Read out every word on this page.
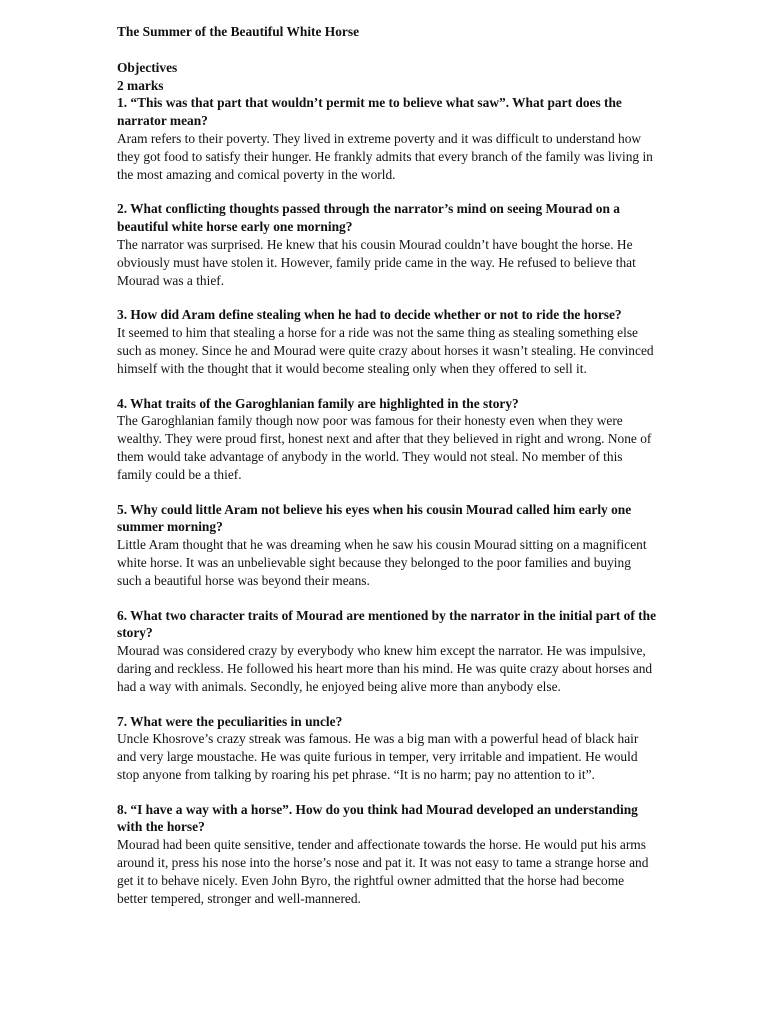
The Summer of the Beautiful White Horse

Objectives

2 marks

1. “This was that part that wouldn’t permit me to believe what saw”. What part does the narrator mean?

Aram refers to their poverty. They lived in extreme poverty and it was difficult to understand how they got food to satisfy their hunger. He frankly admits that every branch of the family was living in the most amazing and comical poverty in the world.

2. What conflicting thoughts passed through the narrator’s mind on seeing Mourad on a beautiful white horse early one morning?

The narrator was surprised. He knew that his cousin Mourad couldn’t have bought the horse. He obviously must have stolen it. However, family pride came in the way. He refused to believe that Mourad was a thief.

3. How did Aram define stealing when he had to decide whether or not to ride the horse?

It seemed to him that stealing a horse for a ride was not the same thing as stealing something else such as money. Since he and Mourad were quite crazy about horses it wasn’t stealing. He convinced himself with the thought that it would become stealing only when they offered to sell it.

4. What traits of the Garoghlanian family are highlighted in the story?

The Garoghlanian family though now poor was famous for their honesty even when they were wealthy. They were proud first, honest next and after that they believed in right and wrong. None of them would take advantage of anybody in the world. They would not steal. No member of this family could be a thief.

5. Why could little Aram not believe his eyes when his cousin Mourad called him early one summer morning?

Little Aram thought that he was dreaming when he saw his cousin Mourad sitting on a magnificent white horse. It was an unbelievable sight because they belonged to the poor families and buying such a beautiful horse was beyond their means.

6. What two character traits of Mourad are mentioned by the narrator in the initial part of the story?

Mourad was considered crazy by everybody who knew him except the narrator. He was impulsive, daring and reckless. He followed his heart more than his mind. He was quite crazy about horses and had a way with animals. Secondly, he enjoyed being alive more than anybody else.

7. What were the peculiarities in uncle?

Uncle Khosrove’s crazy streak was famous. He was a big man with a powerful head of black hair and very large moustache. He was quite furious in temper, very irritable and impatient. He would stop anyone from talking by roaring his pet phrase. “It is no harm; pay no attention to it”.

8. “I have a way with a horse”. How do you think had Mourad developed an understanding with the horse?

Mourad had been quite sensitive, tender and affectionate towards the horse. He would put his arms around it, press his nose into the horse’s nose and pat it. It was not easy to tame a strange horse and get it to behave nicely. Even John Byro, the rightful owner admitted that the horse had become better tempered, stronger and well-mannered.
